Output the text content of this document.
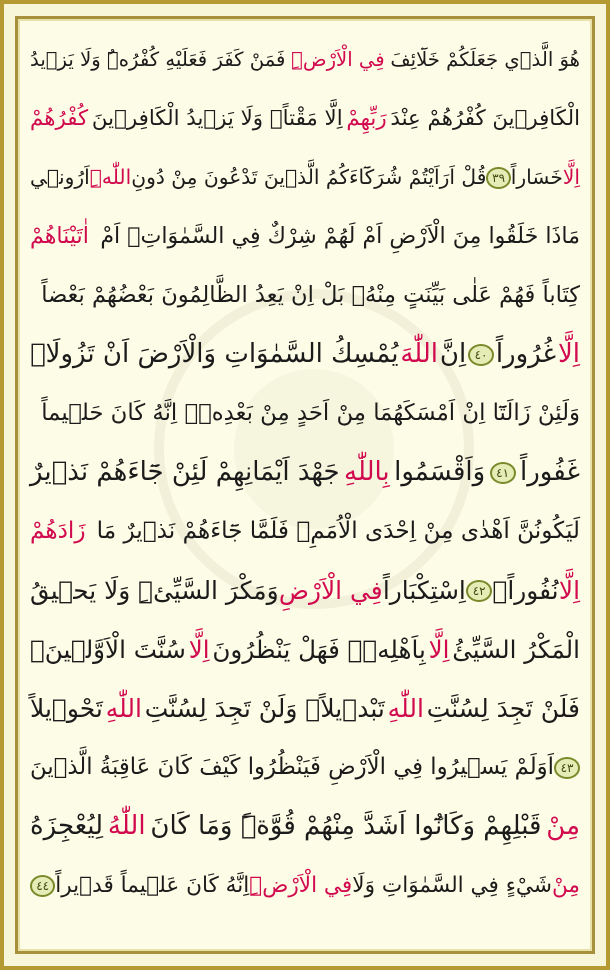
هُوَ الَّذ۪ي جَعَلَكُمْ خَلَٓائِفَ
فِي الْاَرْضِۜ
فَمَنْ كَفَرَ فَعَلَيْهِ كُفْرُهُۜ وَلَا يَز۪يدُ
الْكَافِر۪ينَ كُفْرُهُمْ عِنْدَ
رَبِّهِمْ
اِلَّا مَقْتاًۚ وَلَا يَز۪يدُ الْكَافِر۪ينَ
كُفْرُهُمْ
اِلَّا
خَسَاراً
٣٩
قُلْ اَرَاَيْتُمْ شُرَكَٓاءَكُمُ الَّذ۪ينَ تَدْعُونَ مِنْ دُونِ
اللّٰهِۜ
اَرُون۪ي
مَاذَا خَلَقُوا مِنَ الْاَرْضِ اَمْ لَهُمْ شِرْكٌ فِي السَّمٰوَاتِۚ اَمْ
اٰتَيْنَاهُمْ
كِتَاباً فَهُمْ عَلٰى بَيِّنَتٍ مِنْهُۚ بَلْ اِنْ يَعِدُ الظَّالِمُونَ بَعْضُهُمْ بَعْضاً
اِلَّا
غُرُوراً
٤٠
اِنَّ
اللّٰهَ
يُمْسِكُ السَّمٰوَاتِ وَالْاَرْضَ اَنْ تَزُولَاۚ
وَلَئِنْ زَالَتَٓا اِنْ اَمْسَكَهُمَا مِنْ اَحَدٍ مِنْ بَعْدِه۪ۜ اِنَّهُ كَانَ حَل۪يماً
غَفُوراً
٤١
وَاَقْسَمُوا
بِاللّٰهِ
جَهْدَ اَيْمَانِهِمْ لَئِنْ جَٓاءَهُمْ نَذ۪يرٌ
لَيَكُونُنَّ اَهْدٰى مِنْ اِحْدَى الْاُمَمِۚ فَلَمَّا جَٓاءَهُمْ نَذ۪يرٌ مَا
زَادَهُمْ
اِلَّا
نُفُوراًۙ
٤٢
اِسْتِكْبَاراً
فِي الْاَرْضِ
وَمَكْرَ السَّيِّئِۜ وَلَا يَح۪يقُ
الْمَكْرُ السَّيِّئُ
اِلَّا
بِاَهْلِه۪ۜ فَهَلْ يَنْظُرُونَ
اِلَّا
سُنَّتَ الْاَوَّل۪ينَۚ
فَلَنْ تَجِدَ لِسُنَّتِ
اللّٰهِ
تَبْد۪يلاًۚ وَلَنْ تَجِدَ لِسُنَّتِ
اللّٰهِ
تَحْو۪يلاً
٤٣
اَوَلَمْ يَس۪يرُوا فِي الْاَرْضِ فَيَنْظُرُوا كَيْفَ كَانَ عَاقِبَةُ الَّذ۪ينَ
مِنْ
قَبْلِهِمْ وَكَانُٓوا اَشَدَّ مِنْهُمْ قُوَّةًۜ وَمَا كَانَ
اللّٰهُ
لِيُعْجِزَهُ
مِنْ
شَيْءٍ فِي السَّمٰوَاتِ وَلَا
فِي الْاَرْضِۜ
اِنَّهُ كَانَ عَل۪يماً قَد۪يراً
٤٤
